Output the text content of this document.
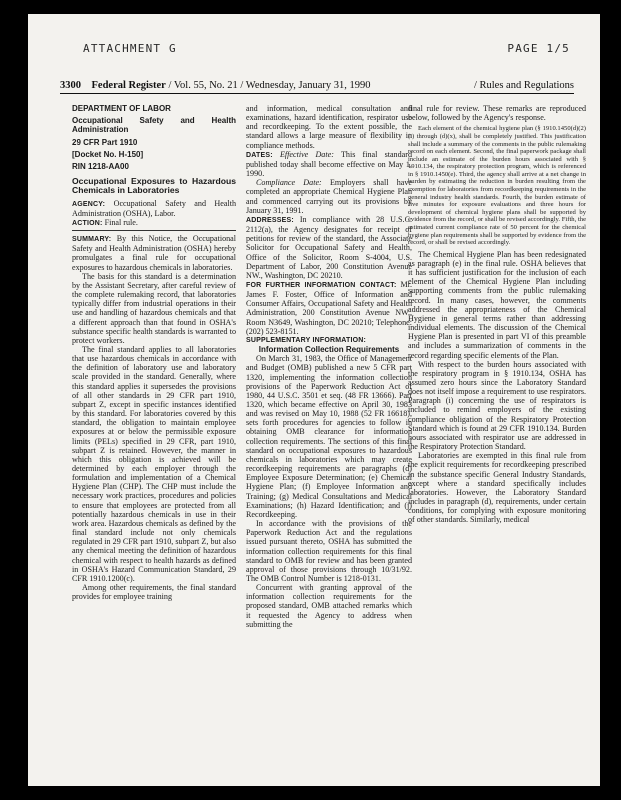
ATTACHMENT G	PAGE 1/5
3300 Federal Register / Vol. 55, No. 21 / Wednesday, January 31, 1990	/ Rules and Regulations
DEPARTMENT OF LABOR
Occupational Safety and Health Administration
29 CFR Part 1910
[Docket No. H-150]
RIN 1218-AA00
Occupational Exposures to Hazardous Chemicals in Laboratories

AGENCY: Occupational Safety and Health Administration (OSHA), Labor.

ACTION: Final rule.

SUMMARY: By this Notice, the Occupational Safety and Health Administration (OSHA) hereby promulgates a final rule for occupational exposures to hazardous chemicals in laboratories.

The basis for this standard is a determination by the Assistant Secretary, after careful review of the complete rulemaking record, that laboratories typically differ from industrial operations in their use and handling of hazardous chemicals and that a different approach than that found in OSHA's substance specific health standards is warranted to protect workers.

The final standard applies to all laboratories that use hazardous chemicals in accordance with the definition of laboratory use and laboratory scale provided in the standard. Generally, where this standard applies it supersedes the provisions of all other standards in 29 CFR part 1910, subpart Z, except in specific instances identified by this standard. For laboratories covered by this standard, the obligation to maintain employee exposures at or below the permissible exposure limits (PELs) specified in 29 CFR, part 1910, subpart Z is retained. However, the manner in which this obligation is achieved will be determined by each employer through the formulation and implementation of a Chemical Hygiene Plan (CHP). The CHP must include the necessary work practices, procedures and policies to ensure that employees are protected from all potentially hazardous chemicals in use in their work area. Hazardous chemicals as defined by the final standard include not only chemicals regulated in 29 CFR part 1910, subpart Z, but also any chemical meeting the definition of hazardous chemical with respect to health hazards as defined in OSHA's Hazard Communication Standard, 29 CFR 1910.1200(c).

Among other requirements, the final standard provides for employee training

and information, medical consultation and examinations, hazard identification, respirator use and recordkeeping. To the extent possible, the standard allows a large measure of flexibility in compliance methods.

DATES: Effective Date: This final standard published today shall become effective on May 1, 1990.

Compliance Date: Employers shall have completed an appropriate Chemical Hygiene Plan and commenced carrying out its provisions by January 31, 1991.

ADDRESSES: In compliance with 28 U.S.C. 2112(a), the Agency designates for receipt of petitions for review of the standard, the Associate Solicitor for Occupational Safety and Health, Office of the Solicitor, Room S-4004, U.S. Department of Labor, 200 Constitution Avenue NW., Washington, DC 20210.

FOR FURTHER INFORMATION CONTACT: Mr. James F. Foster, Office of Information and Consumer Affairs, Occupational Safety and Health Administration, 200 Constitution Avenue NW., Room N3649, Washington, DC 20210; Telephone: (202) 523-8151.

SUPPLEMENTARY INFORMATION:

Information Collection Requirements

On March 31, 1983, the Office of Management and Budget (OMB) published a new 5 CFR part 1320, implementing the information collection provisions of the Paperwork Reduction Act of 1980, 44 U.S.C. 3501 et seq. (48 FR 13666). Part 1320, which became effective on April 30, 1983 and was revised on May 10, 1988 (52 FR 16618), sets forth procedures for agencies to follow in obtaining OMB clearance for information collection requirements. The sections of this final standard on occupational exposures to hazardous chemicals in laboratories which may create recordkeeping requirements are paragraphs (d) Employee Exposure Determination; (e) Chemical Hygiene Plan; (f) Employee Information and Training; (g) Medical Consultations and Medical Examinations; (h) Hazard Identification; and (j) Recordkeeping.

In accordance with the provisions of the Paperwork Reduction Act and the regulations issued pursuant thereto, OSHA has submitted the information collection requirements for this final standard to OMB for review and has been granted approval of those provisions through 10/31/92. The OMB Control Number is 1218-0131.

Concurrent with granting approval of the information collection requirements for the proposed standard, OMB attached remarks which it requested the Agency to address when submitting the

final rule for review. These remarks are reproduced below, followed by the Agency's response.

Each element of the chemical hygiene plan (§ 1910.1450(d)(2)(i) through (d)(x), shall be completely justified. This justification shall include a summary of the comments in the public rulemaking record on each element. Second, the final paperwork package shall include an estimate of the burden hours associated with § 1910.134, the respiratory protection program, which is referenced in § 1910.1450(e). Third, the agency shall arrive at a net change in burden by estimating the reduction in burden resulting from the exemption for laboratories from recordkeeping requirements in the general industry health standards. Fourth, the burden estimate of five minutes for exposure evaluations and three hours for development of chemical hygiene plans shall be supported by evidence from the record, or shall be revised accordingly. Fifth, the estimated current compliance rate of 50 percent for the chemical hygiene plan requirements shall be supported by evidence from the record, or shall be revised accordingly.

The Chemical Hygiene Plan has been redesignated as paragraph (e) in the final rule. OSHA believes that it has sufficient justification for the inclusion of each element of the Chemical Hygiene Plan including supporting comments from the public rulemaking record. In many cases, however, the comments addressed the appropriateness of the Chemical Hygiene in general terms rather than addressing individual elements. The discussion of the Chemical Hygiene Plan is presented in part VI of this preamble and includes a summarization of comments in the record regarding specific elements of the Plan.

With respect to the burden hours associated with the respiratory program in § 1910.134, OSHA has assumed zero hours since the Laboratory Standard does not itself impose a requirement to use respirators. Paragraph (i) concerning the use of respirators is included to remind employers of the existing compliance obligation of the Respiratory Protection Standard which is found at 29 CFR 1910.134. Burden hours associated with respirator use are addressed in the Respiratory Protection Standard.

Laboratories are exempted in this final rule from the explicit requirements for recordkeeping prescribed in the substance specific General Industry Standards, except where a standard specifically includes laboratories. However, the Laboratory Standard includes in paragraph (d), requirements, under certain conditions, for complying with exposure monitoring of other standards. Similarly, medical
